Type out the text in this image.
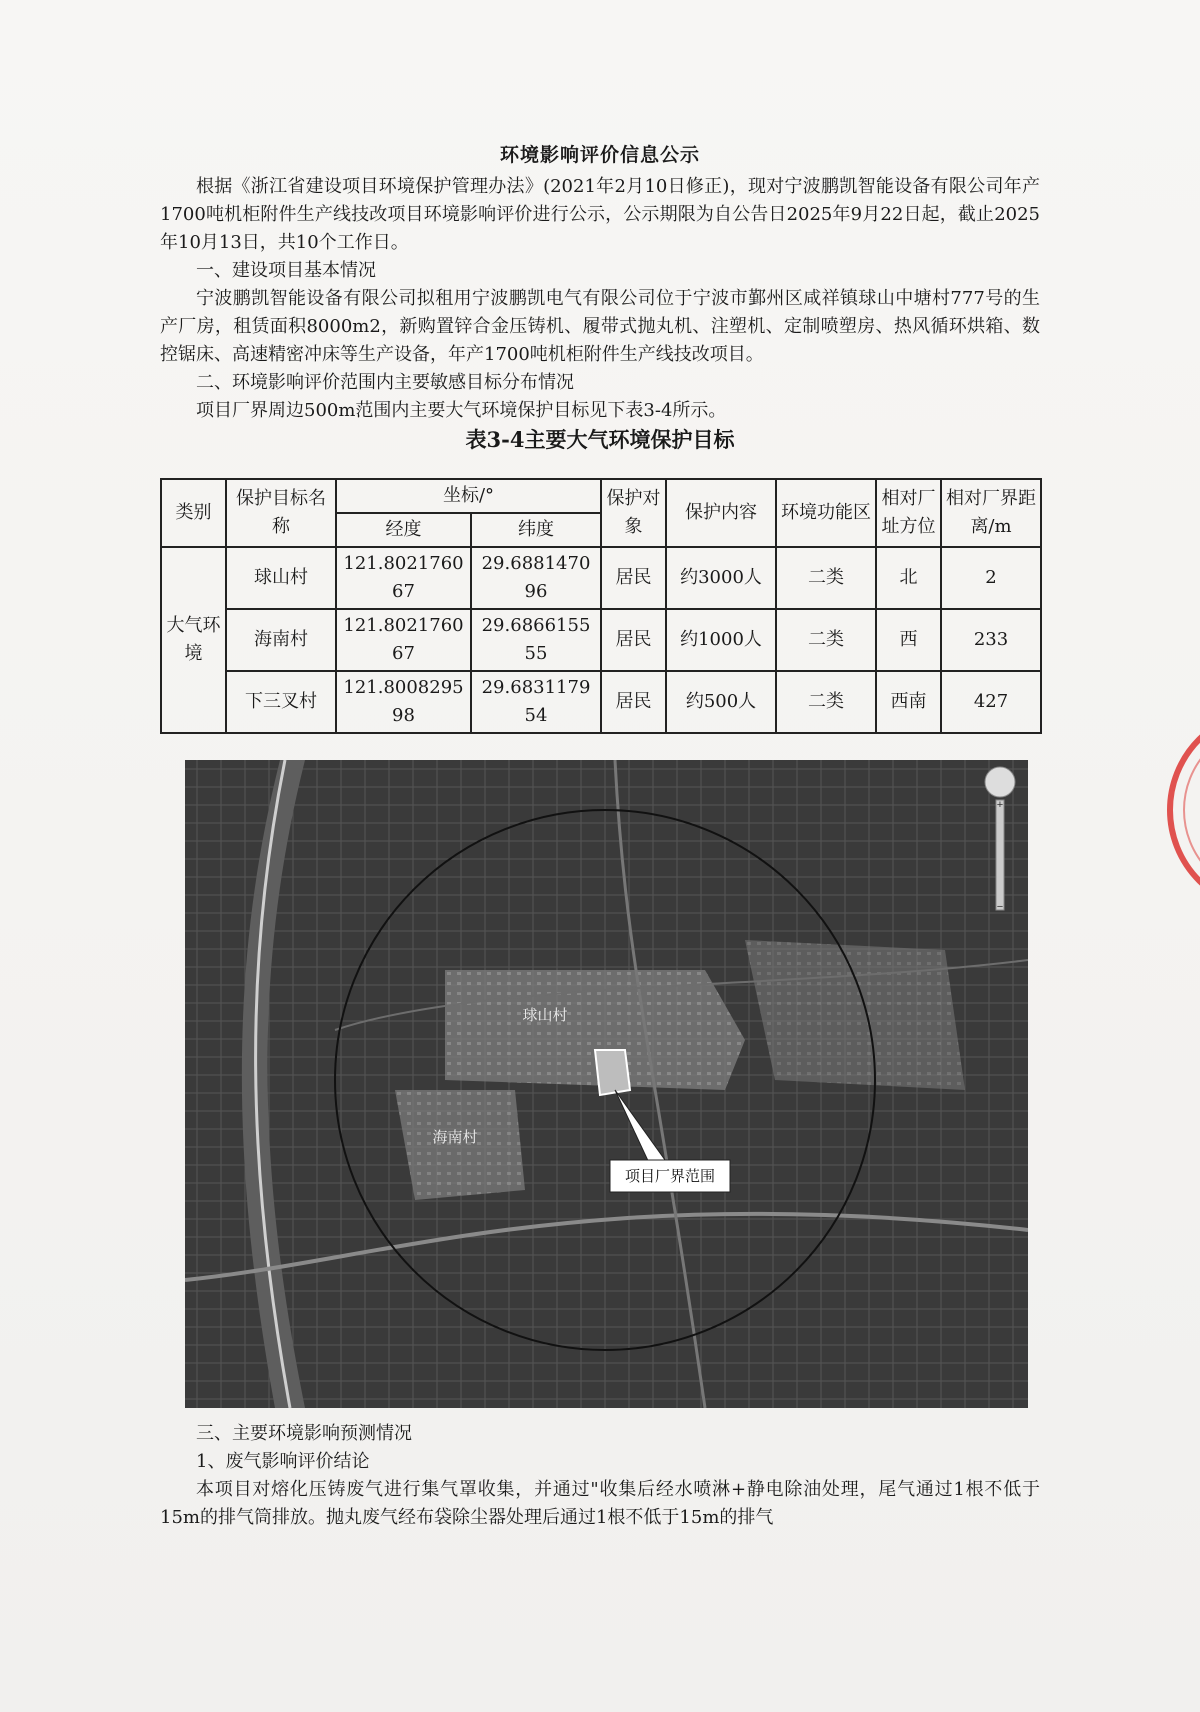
环境影响评价信息公示

根据《浙江省建设项目环境保护管理办法》(2021年2月10日修正)，现对宁波鹏凯智能设备有限公司年产1700吨机柜附件生产线技改项目环境影响评价进行公示，公示期限为自公告日2025年9月22日起，截止2025年10月13日，共10个工作日。

一、建设项目基本情况

宁波鹏凯智能设备有限公司拟租用宁波鹏凯电气有限公司位于宁波市鄞州区咸祥镇球山中塘村777号的生产厂房，租赁面积8000m2，新购置锌合金压铸机、履带式抛丸机、注塑机、定制喷塑房、热风循环烘箱、数控锯床、高速精密冲床等生产设备，年产1700吨机柜附件生产线技改项目。

二、环境影响评价范围内主要敏感目标分布情况

项目厂界周边500m范围内主要大气环境保护目标见下表3-4所示。

表3-4主要大气环境保护目标

类别	保护目标名称	坐标/°		保护对象	保护内容	环境功能区	相对厂址方位	相对厂界距离/m
		经度	纬度					
大气环境	球山村	121.802176067	29.688147096	居民	约3000人	二类	北	2
	海南村	121.802176067	29.686615555	居民	约1000人	二类	西	233
	下三叉村	121.800829598	29.683117954	居民	约500人	二类	西南	427
项目厂界范围
球山村
海南村
+
−

三、主要环境影响预测情况

1、废气影响评价结论

本项目对熔化压铸废气进行集气罩收集，并通过"收集后经水喷淋+静电除油处理，尾气通过1根不低于15m的排气筒排放。抛丸废气经布袋除尘器处理后通过1根不低于15m的排气
